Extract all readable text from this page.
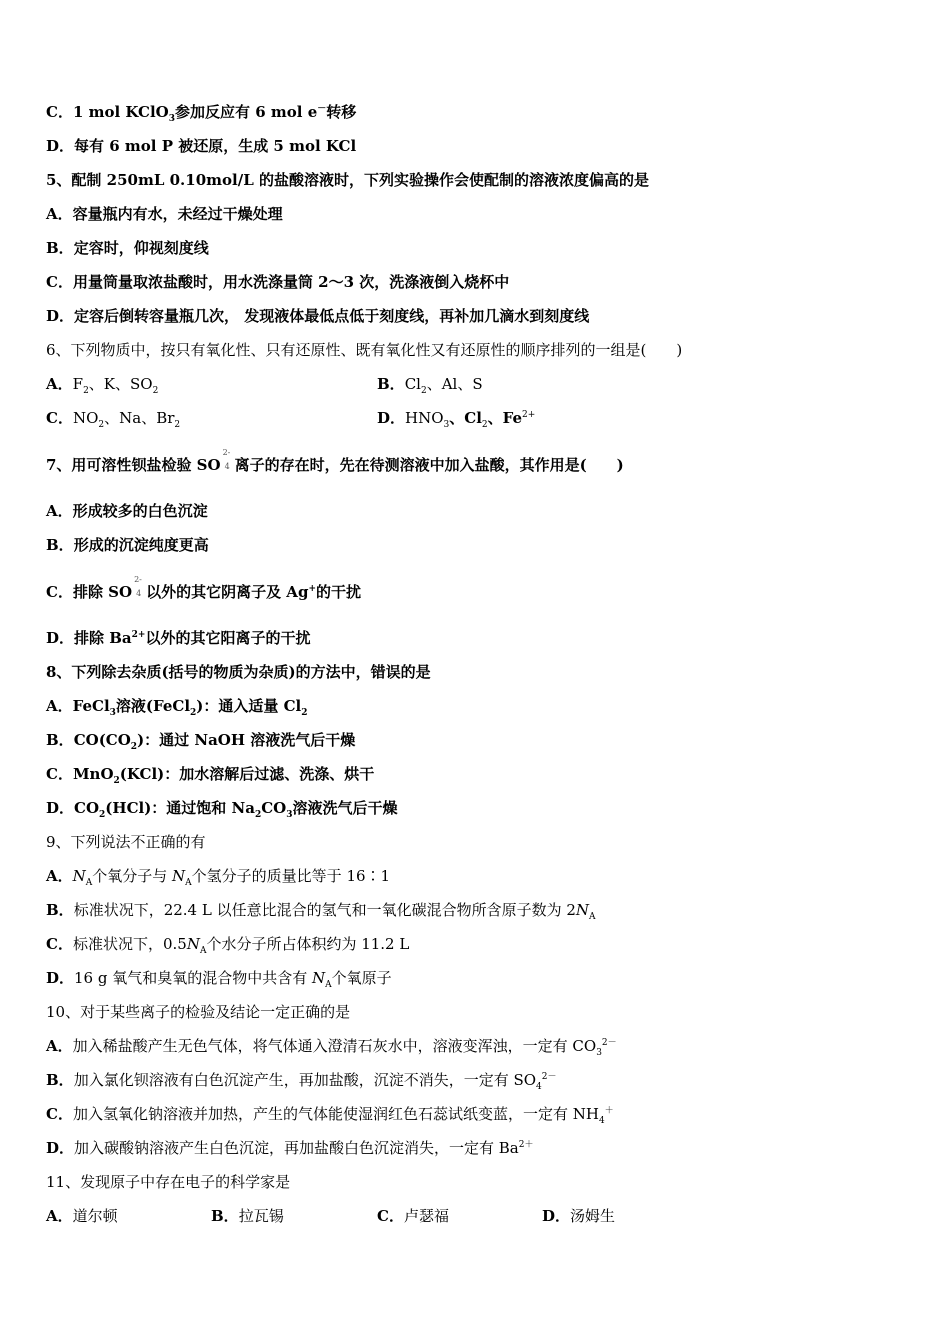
C．1 mol KClO$_3$参加反应有 6 mol e－转移
D．每有 6 mol P 被还原，生成 5 mol KCl
5、配制 250mL 0.10mol/L 的盐酸溶液时，下列实验操作会使配制的溶液浓度偏高的是
A．容量瓶内有水，未经过干燥处理
B．定容时，仰视刻度线
C．用量筒量取浓盐酸时，用水洗涤量筒 2～3 次，洗涤液倒入烧杯中
D．定容后倒转容量瓶几次， 发现液体最低点低于刻度线，再补加几滴水到刻度线
6、下列物质中，按只有氧化性、只有还原性、既有氧化性又有还原性的顺序排列的一组是(　　)
A．$F_2$、K、$SO_2$	B．$Cl_2$、Al、S
C．$NO_2$、Na、$Br_2$	D．$HNO_3$、$Cl_2$、$Fe^{2+}$
7、用可溶性钡盐检验 SO
2-
4 离子的存在时，先在待测溶液中加入盐酸，其作用是(　　)
A．形成较多的白色沉淀
B．形成的沉淀纯度更高
C．排除 SO
2-
4 以外的其它阴离子及 Ag+的干扰
D．排除 $Ba^{2+}$以外的其它阳离子的干扰
8、下列除去杂质(括号的物质为杂质)的方法中，错误的是
A．FeCl$_3$溶液(FeCl$_2$)：通入适量 $Cl_2$
B．$CO(CO_2)$：通过 NaOH 溶液洗气后干燥
C．MnO$_2$(KCl)：加水溶解后过滤、洗涤、烘干
D．$CO_2(HCl)$：通过饱和 $Na_2CO_3$溶液洗气后干燥
9、下列说法不正确的有
A．$N_A$个氧分子与 $N_A$个氢分子的质量比等于 16∶1
B．标准状况下，22.4 L 以任意比混合的氢气和一氧化碳混合物所含原子数为 $2N_A$
C．标准状况下，$0.5N_A$个水分子所占体积约为 11.2 L
D．16 g 氧气和臭氧的混合物中共含有 $N_A$个氧原子
10、对于某些离子的检验及结论一定正确的是
A．加入稀盐酸产生无色气体，将气体通入澄清石灰水中，溶液变浑浊，一定有 $CO_3^{2-}$
B．加入氯化钡溶液有白色沉淀产生，再加盐酸，沉淀不消失，一定有 $SO_4^{2-}$
C．加入氢氧化钠溶液并加热，产生的气体能使湿润红色石蕊试纸变蓝，一定有 $NH_4^+$
D．加入碳酸钠溶液产生白色沉淀，再加盐酸白色沉淀消失，一定有 $Ba^{2+}$
11、发现原子中存在电子的科学家是
A．道尔顿	B．拉瓦锡	C．卢瑟福	D．汤姆生
